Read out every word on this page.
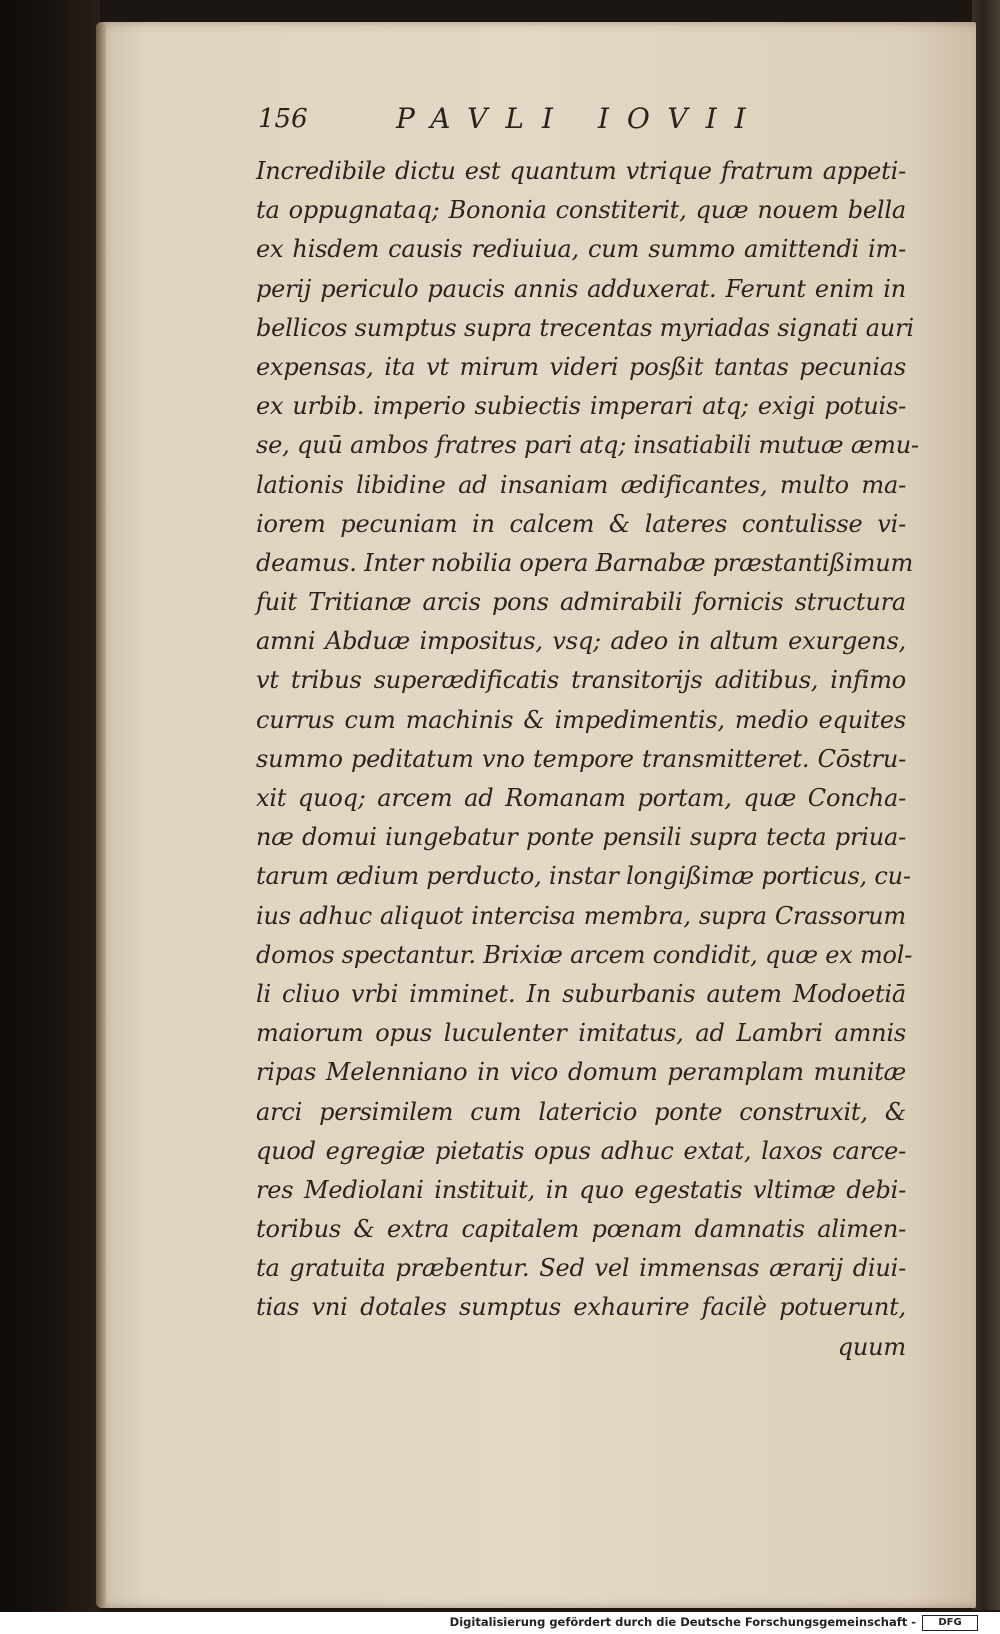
156	PAVLI IOVII
Incredibile dictu est quantum vtrique fratrum appeti-
ta oppugnataq; Bononia constiterit, quæ nouem bella
ex hisdem causis rediuiua, cum summo amittendi im-
perij periculo paucis annis adduxerat. Ferunt enim in
bellicos sumptus supra trecentas myriadas signati auri
expensas, ita vt mirum videri posßit tantas pecunias
ex urbib. imperio subiectis imperari atq; exigi potuis-
se, quū ambos fratres pari atq; insatiabili mutuæ æmu-
lationis libidine ad insaniam ædificantes, multo ma-
iorem pecuniam in calcem & lateres contulisse vi-
deamus. Inter nobilia opera Barnabæ præstantißimum
fuit Tritianæ arcis pons admirabili fornicis structura
amni Abduæ impositus, vsq; adeo in altum exurgens,
vt tribus superædificatis transitorijs aditibus, infimo
currus cum machinis & impedimentis, medio equites
summo peditatum vno tempore transmitteret. Cōstru-
xit quoq; arcem ad Romanam portam, quæ Concha-
næ domui iungebatur ponte pensili supra tecta priua-
tarum ædium perducto, instar longißimæ porticus, cu-
ius adhuc aliquot intercisa membra, supra Crassorum
domos spectantur. Brixiæ arcem condidit, quæ ex mol-
li cliuo vrbi imminet. In suburbanis autem Modoetiā
maiorum opus luculenter imitatus, ad Lambri amnis
ripas Melenniano in vico domum peramplam munitæ
arci persimilem cum latericio ponte construxit, &
quod egregiæ pietatis opus adhuc extat, laxos carce-
res Mediolani instituit, in quo egestatis vltimæ debi-
toribus & extra capitalem pœnam damnatis alimen-
ta gratuita præbentur. Sed vel immensas ærarij diui-
tias vni dotales sumptus exhaurire facilè potuerunt,
quum
Digitalisierung gefördert durch die Deutsche Forschungsgemeinschaft -	DFG
